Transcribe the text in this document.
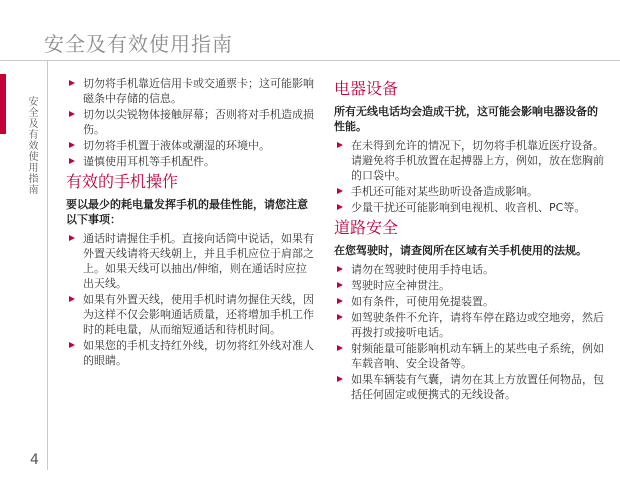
安全及有效使用指南
安全及有效使用指南
4
切勿将手机靠近信用卡或交通票卡；这可能影响磁条中存储的信息。
切勿以尖锐物体接触屏幕；否则将对手机造成损伤。
切勿将手机置于液体或潮湿的环境中。
谨慎使用耳机等手机配件。
有效的手机操作

要以最少的耗电量发挥手机的最佳性能，请您注意以下事项：

通话时请握住手机。直接向话筒中说话，如果有外置天线请将天线朝上，并且手机应位于肩部之上。如果天线可以抽出/伸缩，则在通话时应拉出天线。
如果有外置天线，使用手机时请勿握住天线，因为这样不仅会影响通话质量，还将增加手机工作时的耗电量，从而缩短通话和待机时间。
如果您的手机支持红外线，切勿将红外线对准人的眼睛。
电器设备

所有无线电话均会造成干扰，这可能会影响电器设备的性能。

在未得到允许的情况下，切勿将手机靠近医疗设备。请避免将手机放置在起搏器上方，例如，放在您胸前的口袋中。
手机还可能对某些助听设备造成影响。
少量干扰还可能影响到电视机、收音机、PC等。
道路安全

在您驾驶时，请查阅所在区域有关手机使用的法规。

请勿在驾驶时使用手持电话。
驾驶时应全神贯注。
如有条件，可使用免提装置。
如驾驶条件不允许，请将车停在路边或空地旁，然后再拨打或接听电话。
射频能量可能影响机动车辆上的某些电子系统，例如车载音响、安全设备等。
如果车辆装有气囊，请勿在其上方放置任何物品，包括任何固定或便携式的无线设备。
